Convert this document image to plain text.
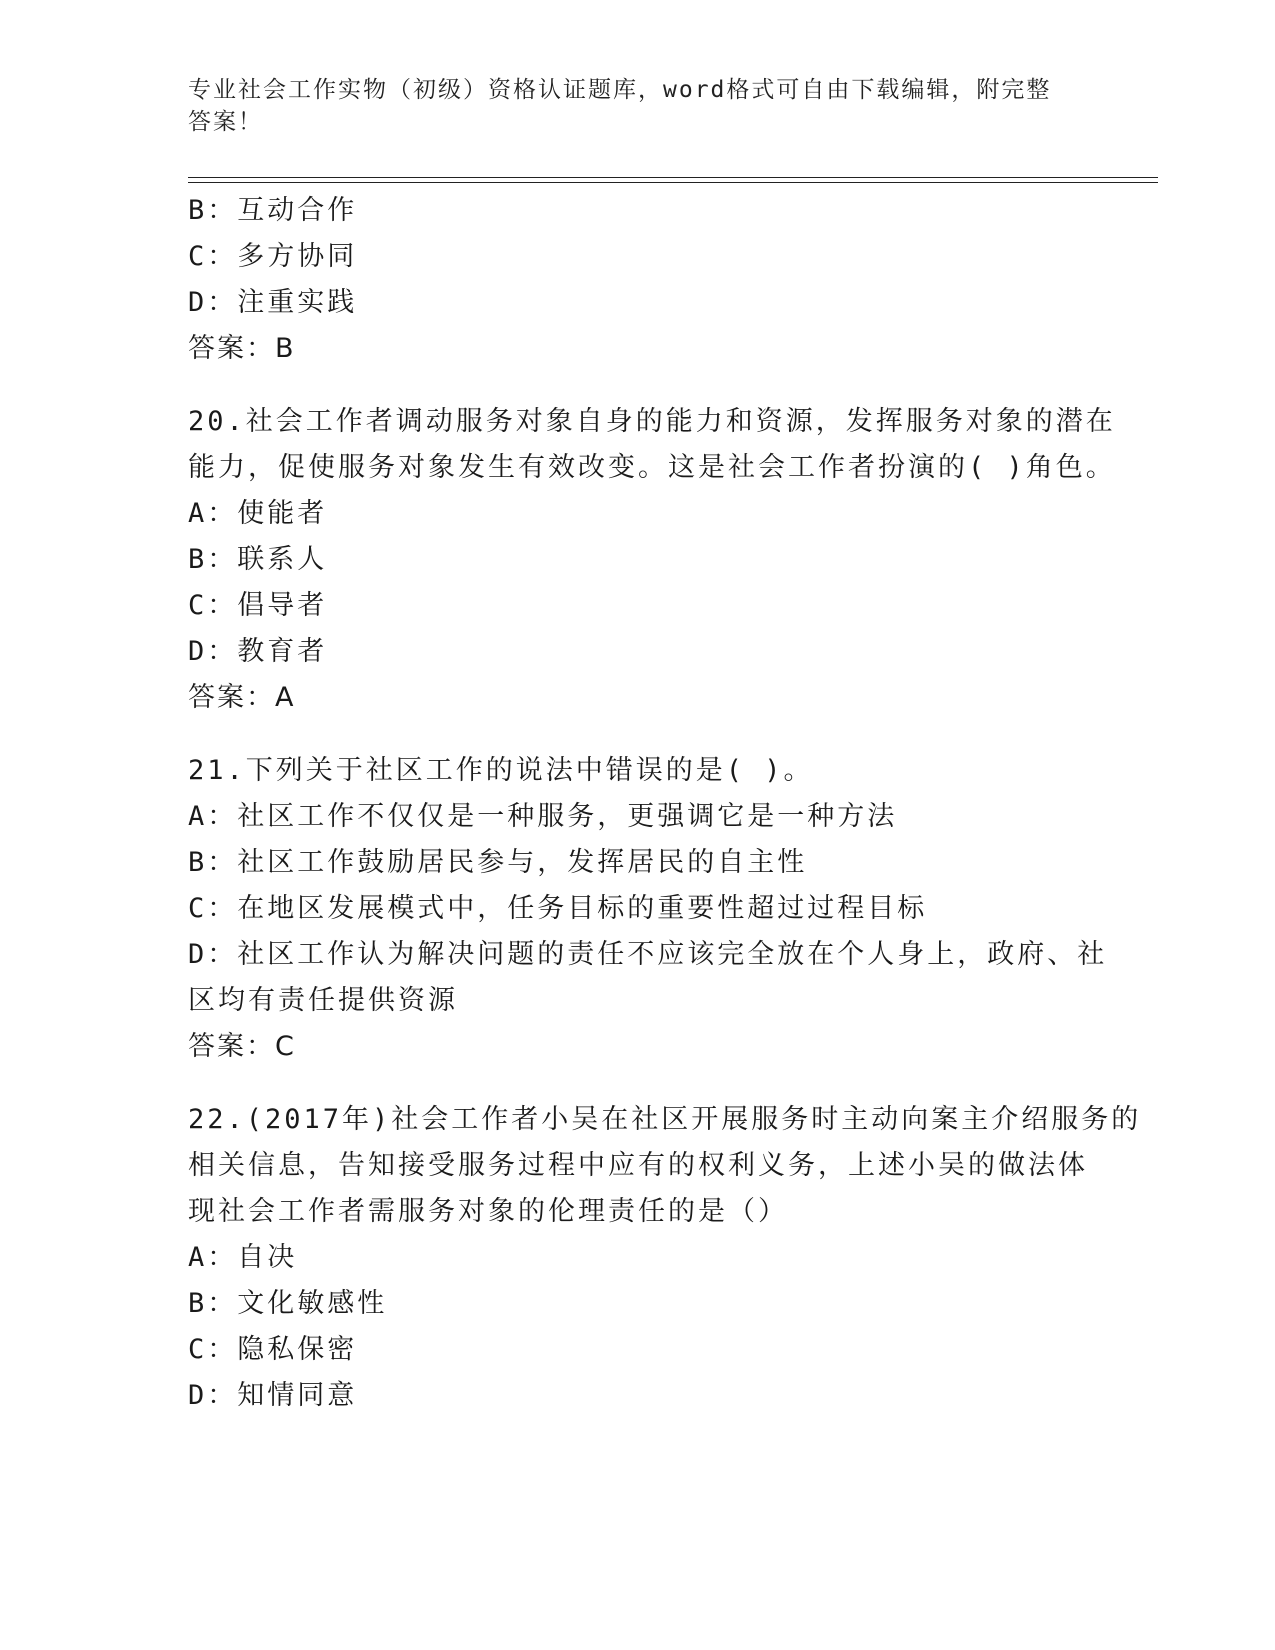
专业社会工作实物（初级）资格认证题库，word格式可自由下载编辑，附完整答案！
B：互动合作
C：多方协同
D：注重实践
答案：B
20.社会工作者调动服务对象自身的能力和资源，发挥服务对象的潜在
能力，促使服务对象发生有效改变。这是社会工作者扮演的( )角色。
A：使能者
B：联系人
C：倡导者
D：教育者
答案：A
21.下列关于社区工作的说法中错误的是( )。
A：社区工作不仅仅是一种服务，更强调它是一种方法
B：社区工作鼓励居民参与，发挥居民的自主性
C：在地区发展模式中，任务目标的重要性超过过程目标
D：社区工作认为解决问题的责任不应该完全放在个人身上，政府、社
区均有责任提供资源
答案：C
22.(2017年)社会工作者小吴在社区开展服务时主动向案主介绍服务的
相关信息，告知接受服务过程中应有的权利义务，上述小吴的做法体
现社会工作者需服务对象的伦理责任的是（）
A：自决
B：文化敏感性
C：隐私保密
D：知情同意
